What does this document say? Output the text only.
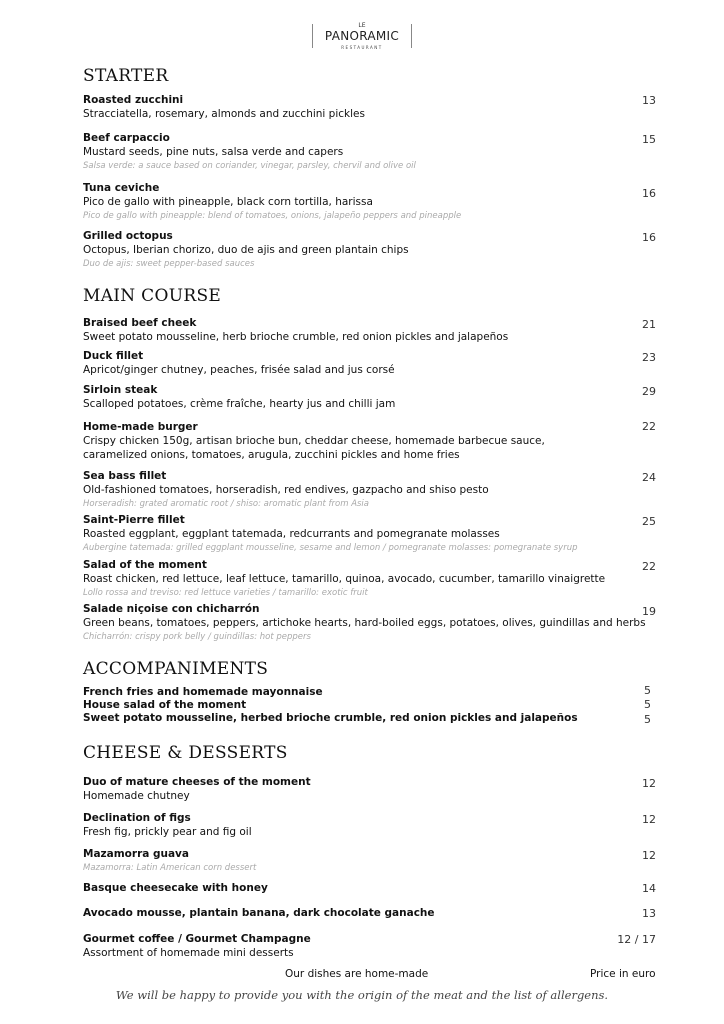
LE
PANORAMIC
RESTAURANT
STARTER
Roasted zucchini
Stracciatella, rosemary, almonds and zucchini pickles
13
Beef carpaccio
Mustard seeds, pine nuts, salsa verde and capers
Salsa verde: a sauce based on coriander, vinegar, parsley, chervil and olive oil
15
Tuna ceviche
Pico de gallo with pineapple, black corn tortilla, harissa
Pico de gallo with pineapple: blend of tomatoes, onions, jalapeño peppers and pineapple
16
Grilled octopus
Octopus, Iberian chorizo, duo de ajis and green plantain chips
Duo de ajis: sweet pepper-based sauces
16
MAIN COURSE
Braised beef cheek
Sweet potato mousseline, herb brioche crumble, red onion pickles and jalapeños
21
Duck fillet
Apricot/ginger chutney, peaches, frisée salad and jus corsé
23
Sirloin steak
Scalloped potatoes, crème fraîche, hearty jus and chilli jam
29
Home-made burger
Crispy chicken 150g, artisan brioche bun, cheddar cheese, homemade barbecue sauce,
caramelized onions, tomatoes, arugula, zucchini pickles and home fries
22
Sea bass fillet
Old-fashioned tomatoes, horseradish, red endives, gazpacho and shiso pesto
Horseradish: grated aromatic root / shiso: aromatic plant from Asia
24
Saint-Pierre fillet
Roasted eggplant, eggplant tatemada, redcurrants and pomegranate molasses
Aubergine tatemada: grilled eggplant mousseline, sesame and lemon / pomegranate molasses: pomegranate syrup
25
Salad of the moment
Roast chicken, red lettuce, leaf lettuce, tamarillo, quinoa, avocado, cucumber, tamarillo vinaigrette
Lollo rossa and treviso: red lettuce varieties / tamarillo: exotic fruit
22
Salade niçoise con chicharrón
Green beans, tomatoes, peppers, artichoke hearts, hard-boiled eggs, potatoes, olives, guindillas and herbs
Chicharrón: crispy pork belly / guindillas: hot peppers
19
ACCOMPANIMENTS
French fries and homemade mayonnaise	5
House salad of the moment	5
Sweet potato mousseline, herbed brioche crumble, red onion pickles and jalapeños	5
CHEESE & DESSERTS
Duo of mature cheeses of the moment
Homemade chutney
12
Declination of figs
Fresh fig, prickly pear and fig oil
12
Mazamorra guava
Mazamorra: Latin American corn dessert
12
Basque cheesecake with honey	14
Avocado mousse, plantain banana, dark chocolate ganache	13
Gourmet coffee / Gourmet Champagne
Assortment of homemade mini desserts
12 / 17
Our dishes are home-made	Price in euro
We will be happy to provide you with the origin of the meat and the list of allergens.
